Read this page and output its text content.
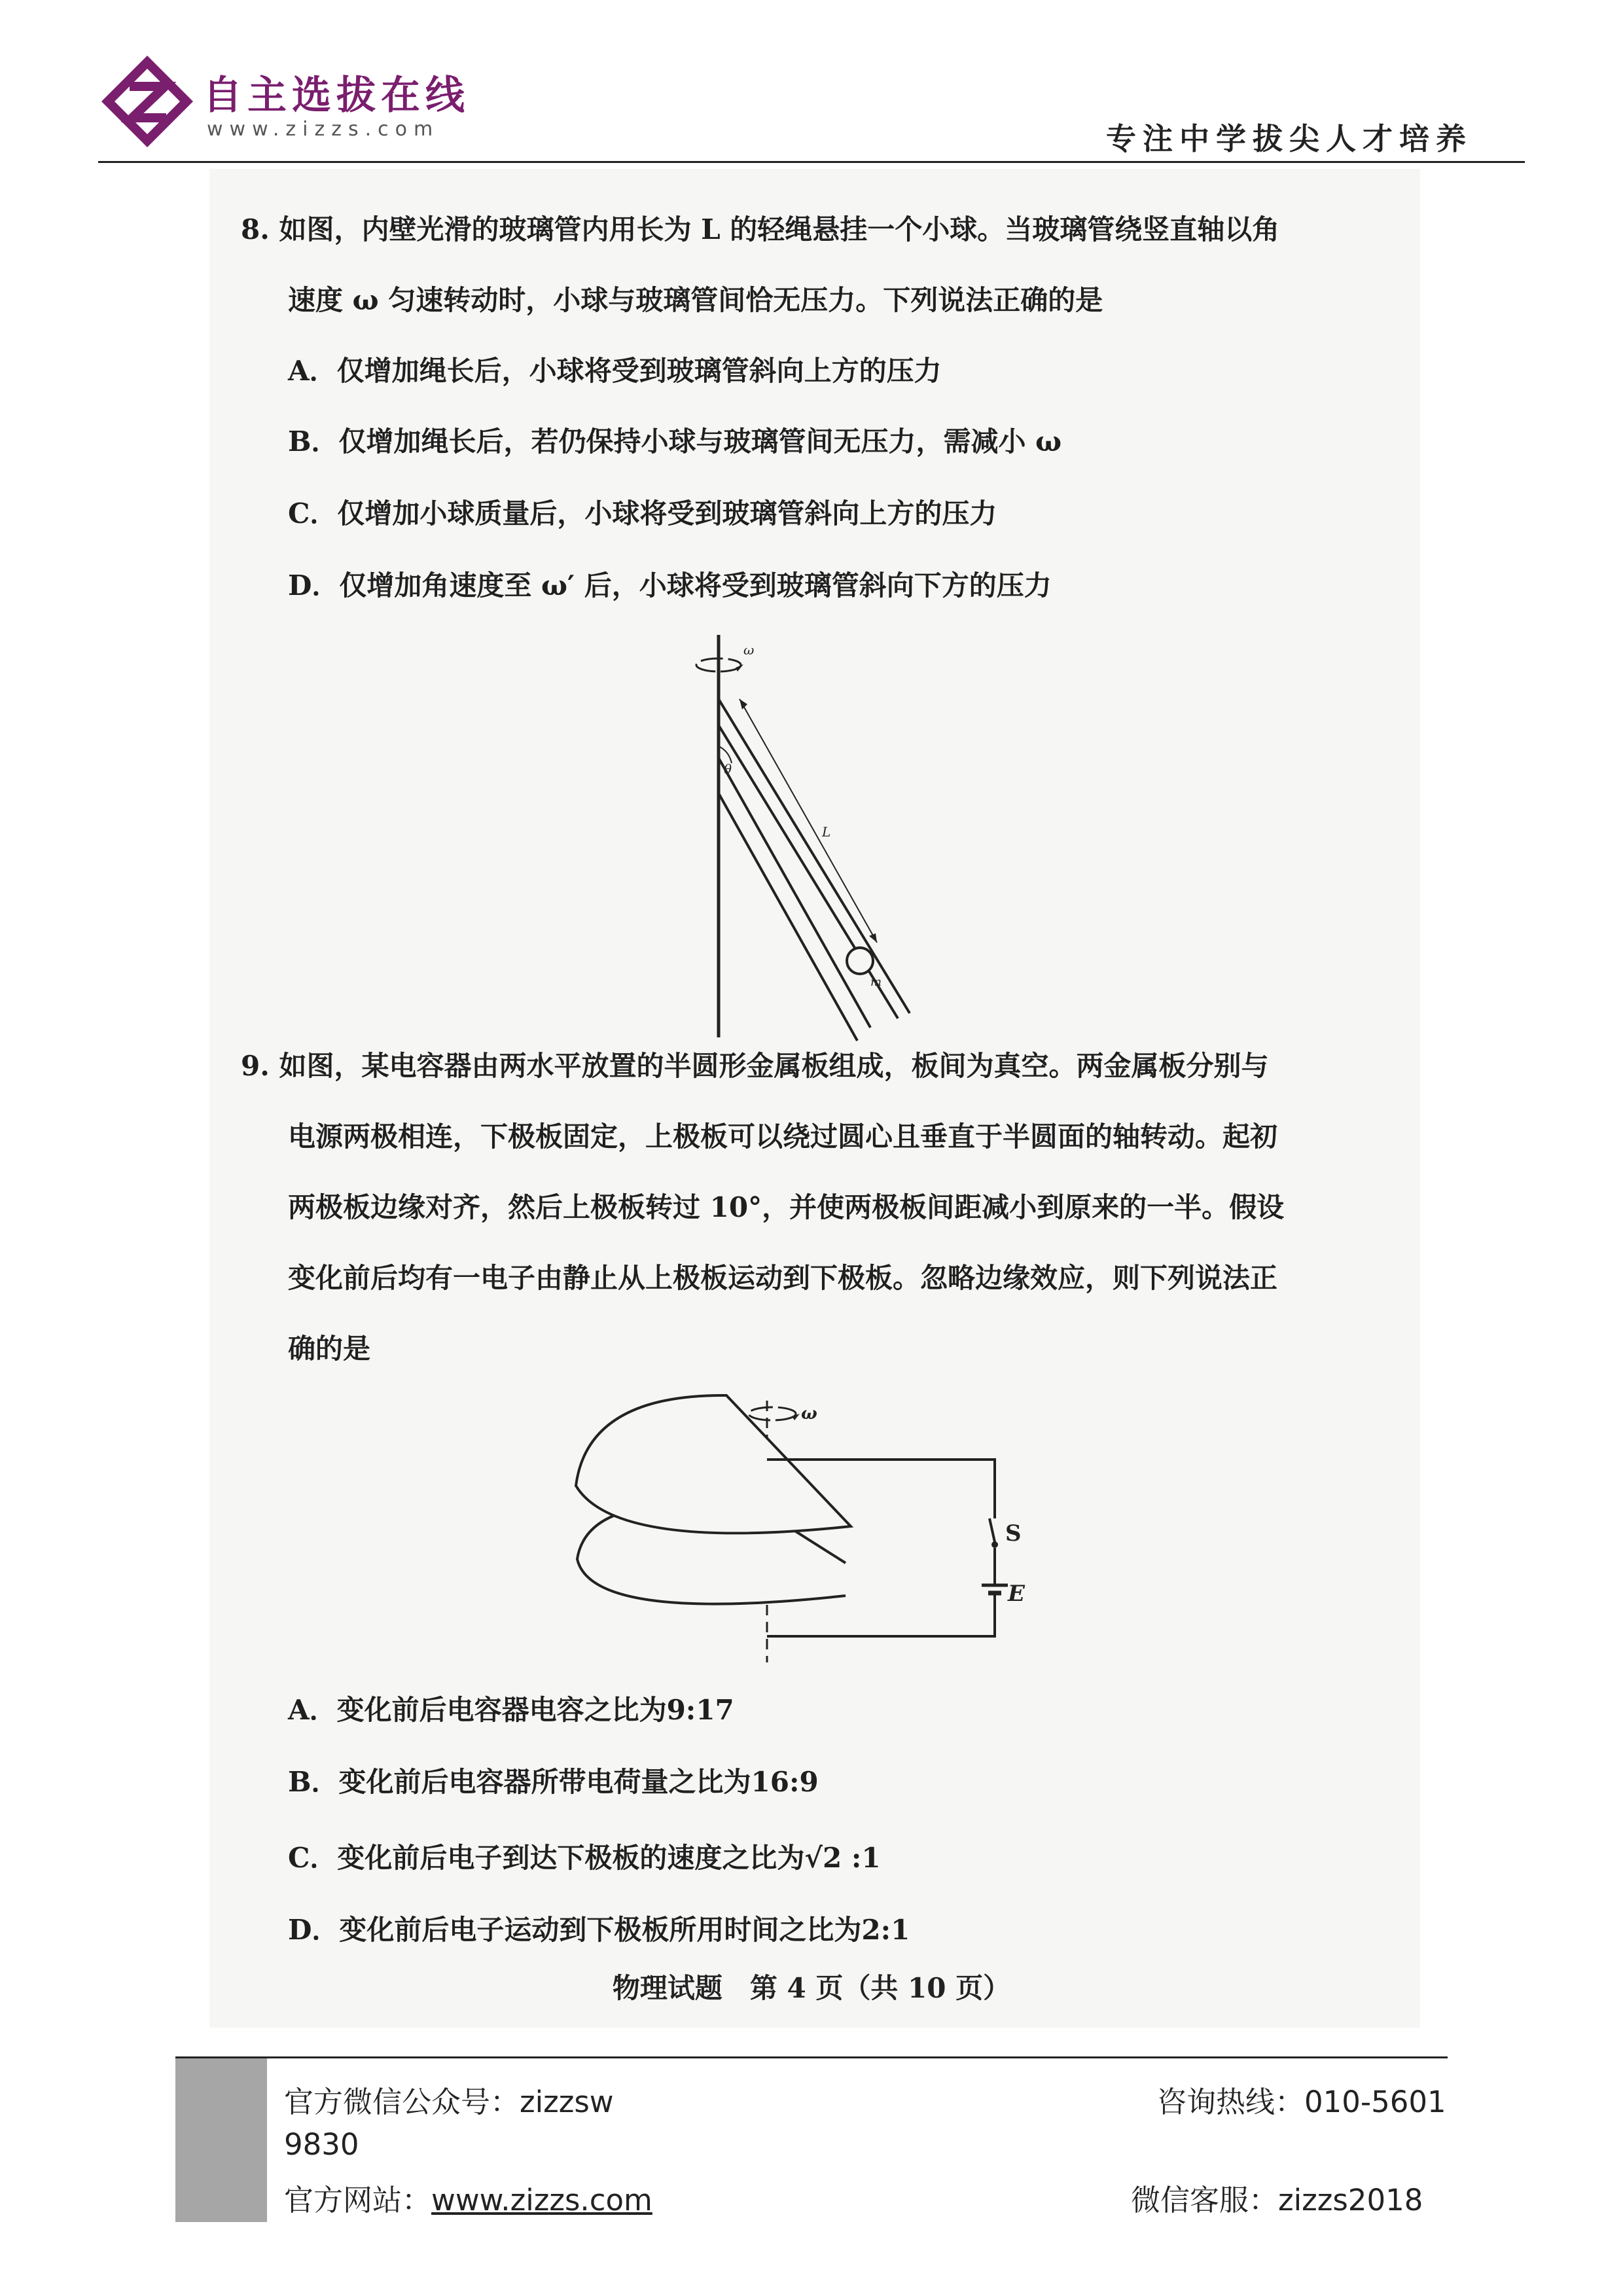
自主选拔在线
www.zizzs.com	专注中学拔尖人才培养
8. 如图，内壁光滑的玻璃管内用长为 L 的轻绳悬挂一个小球。当玻璃管绕竖直轴以角
速度 ω 匀速转动时，小球与玻璃管间恰无压力。下列说法正确的是
A．仅增加绳长后，小球将受到玻璃管斜向上方的压力
B．仅增加绳长后，若仍保持小球与玻璃管间无压力，需减小 ω
C．仅增加小球质量后，小球将受到玻璃管斜向上方的压力
D．仅增加角速度至 ω′ 后，小球将受到玻璃管斜向下方的压力
ω
L
θ
m
9. 如图，某电容器由两水平放置的半圆形金属板组成，板间为真空。两金属板分别与
电源两极相连，下极板固定，上极板可以绕过圆心且垂直于半圆面的轴转动。起初
两极板边缘对齐，然后上极板转过 10°，并使两极板间距减小到原来的一半。假设
变化前后均有一电子由静止从上极板运动到下极板。忽略边缘效应，则下列说法正
确的是
ω
S
E
A．变化前后电容器电容之比为9:17
B．变化前后电容器所带电荷量之比为16:9
C．变化前后电子到达下极板的速度之比为√2 :1
D．变化前后电子运动到下极板所用时间之比为2:1
物理试题　第 4 页（共 10 页）
官方微信公众号：zizzsw	咨询热线：010-5601
9830
官方网站：www.zizzs.com	微信客服：zizzs2018
